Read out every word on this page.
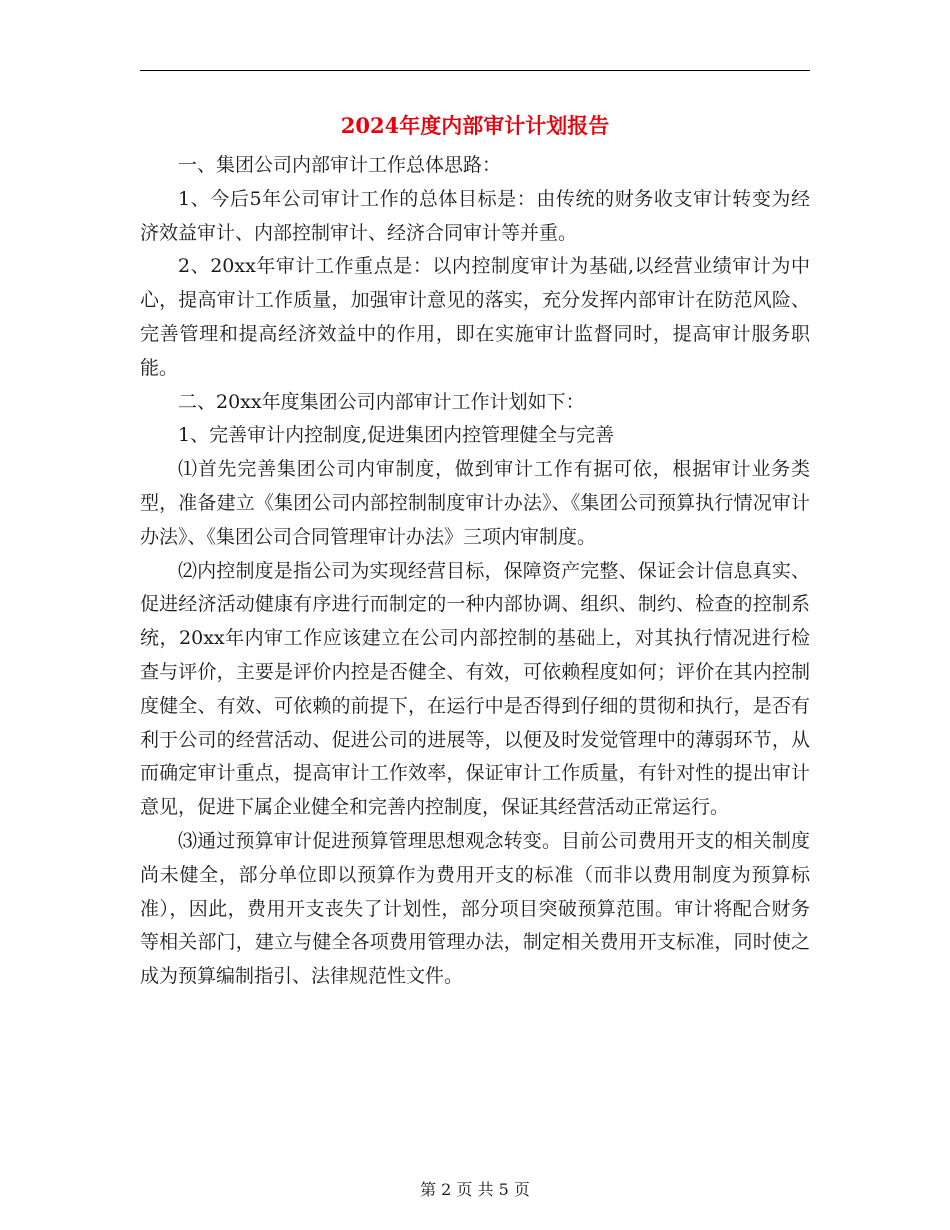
2024年度内部审计计划报告

一、集团公司内部审计工作总体思路：

1、今后5年公司审计工作的总体目标是：由传统的财务收支审计转变为经济效益审计、内部控制审计、经济合同审计等并重。

2、20xx年审计工作重点是：以内控制度审计为基础,以经营业绩审计为中心，提高审计工作质量，加强审计意见的落实，充分发挥内部审计在防范风险、完善管理和提高经济效益中的作用，即在实施审计监督同时，提高审计服务职能。

二、20xx年度集团公司内部审计工作计划如下：

1、完善审计内控制度,促进集团内控管理健全与完善

⑴首先完善集团公司内审制度，做到审计工作有据可依，根据审计业务类型，准备建立《集团公司内部控制制度审计办法》、《集团公司预算执行情况审计办法》、《集团公司合同管理审计办法》三项内审制度。

⑵内控制度是指公司为实现经营目标，保障资产完整、保证会计信息真实、促进经济活动健康有序进行而制定的一种内部协调、组织、制约、检查的控制系统，20xx年内审工作应该建立在公司内部控制的基础上，对其执行情况进行检查与评价，主要是评价内控是否健全、有效，可依赖程度如何；评价在其内控制度健全、有效、可依赖的前提下，在运行中是否得到仔细的贯彻和执行，是否有利于公司的经营活动、促进公司的进展等，以便及时发觉管理中的薄弱环节，从而确定审计重点，提高审计工作效率，保证审计工作质量，有针对性的提出审计意见，促进下属企业健全和完善内控制度，保证其经营活动正常运行。

⑶通过预算审计促进预算管理思想观念转变。目前公司费用开支的相关制度尚未健全，部分单位即以预算作为费用开支的标准（而非以费用制度为预算标准），因此，费用开支丧失了计划性，部分项目突破预算范围。审计将配合财务等相关部门，建立与健全各项费用管理办法，制定相关费用开支标准，同时使之成为预算编制指引、法律规范性文件。

第 2 页 共 5 页
